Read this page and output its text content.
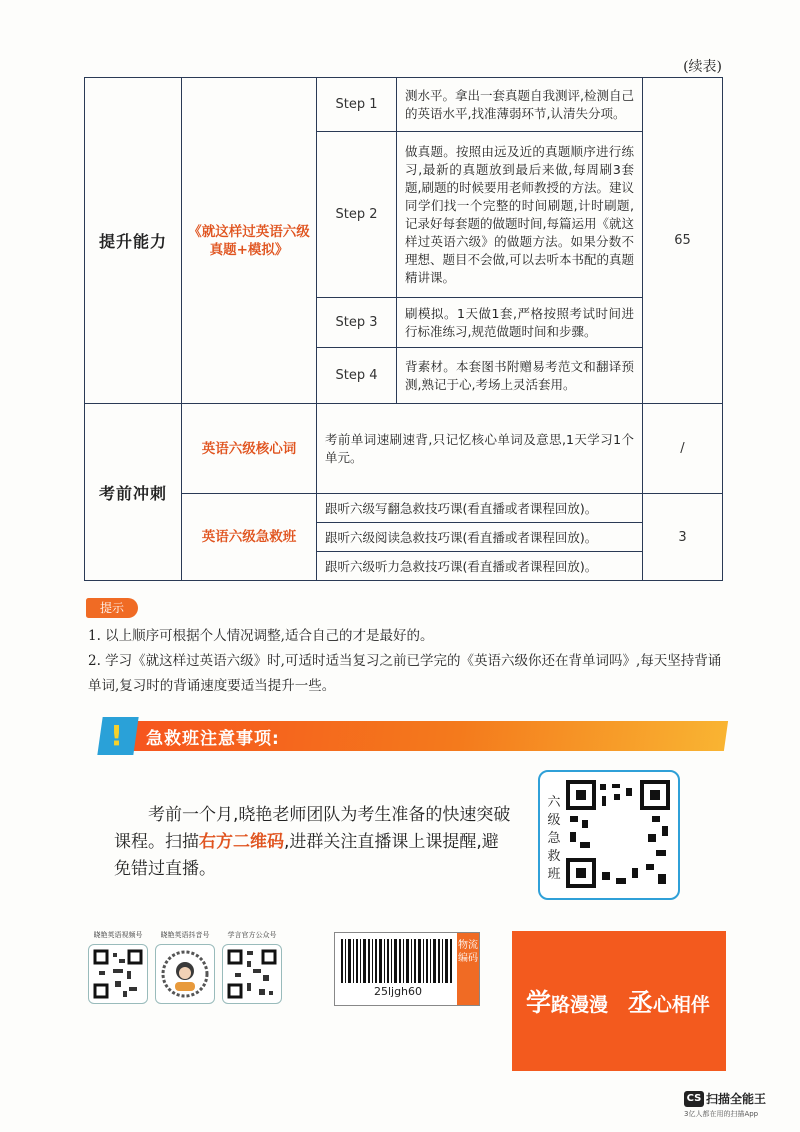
(续表)
提升能力	《就这样过英语六级真题+模拟》	Step 1	测水平。拿出一套真题自我测评,检测自己的英语水平,找准薄弱环节,认清失分项。	65
		Step 2	做真题。按照由远及近的真题顺序进行练习,最新的真题放到最后来做,每周刷3套题,刷题的时候要用老师教授的方法。建议同学们找一个完整的时间刷题,计时刷题,记录好每套题的做题时间,每篇运用《就这样过英语六级》的做题方法。如果分数不理想、题目不会做,可以去听本书配的真题精讲课。	
		Step 3	刷模拟。1天做1套,严格按照考试时间进行标准练习,规范做题时间和步骤。	
		Step 4	背素材。本套图书附赠易考范文和翻译预测,熟记于心,考场上灵活套用。	
考前冲刺	英语六级核心词	考前单词速刷速背,只记忆核心单词及意思,1天学习1个单元。		/
	英语六级急救班	跟听六级写翻急救技巧课(看直播或者课程回放)。		3
		跟听六级阅读急救技巧课(看直播或者课程回放)。		
		跟听六级听力急救技巧课(看直播或者课程回放)。		
提示

1. 以上顺序可根据个人情况调整,适合自己的才是最好的。

2. 学习《就这样过英语六级》时,可适时适当复习之前已学完的《英语六级你还在背单词吗》,每天坚持背诵单词,复习时的背诵速度要适当提升一些。

! 急救班注意事项:
考前一个月,晓艳老师团队为考生准备的快速突破课程。扫描右方二维码,进群关注直播课上课提醒,避免错过直播。
六级急救班
晓艳英语视频号	晓艳英语抖音号	学言官方公众号
25ljgh60
物流编码
学路漫漫 丞心相伴
CS 扫描全能王
3亿人都在用的扫描App
